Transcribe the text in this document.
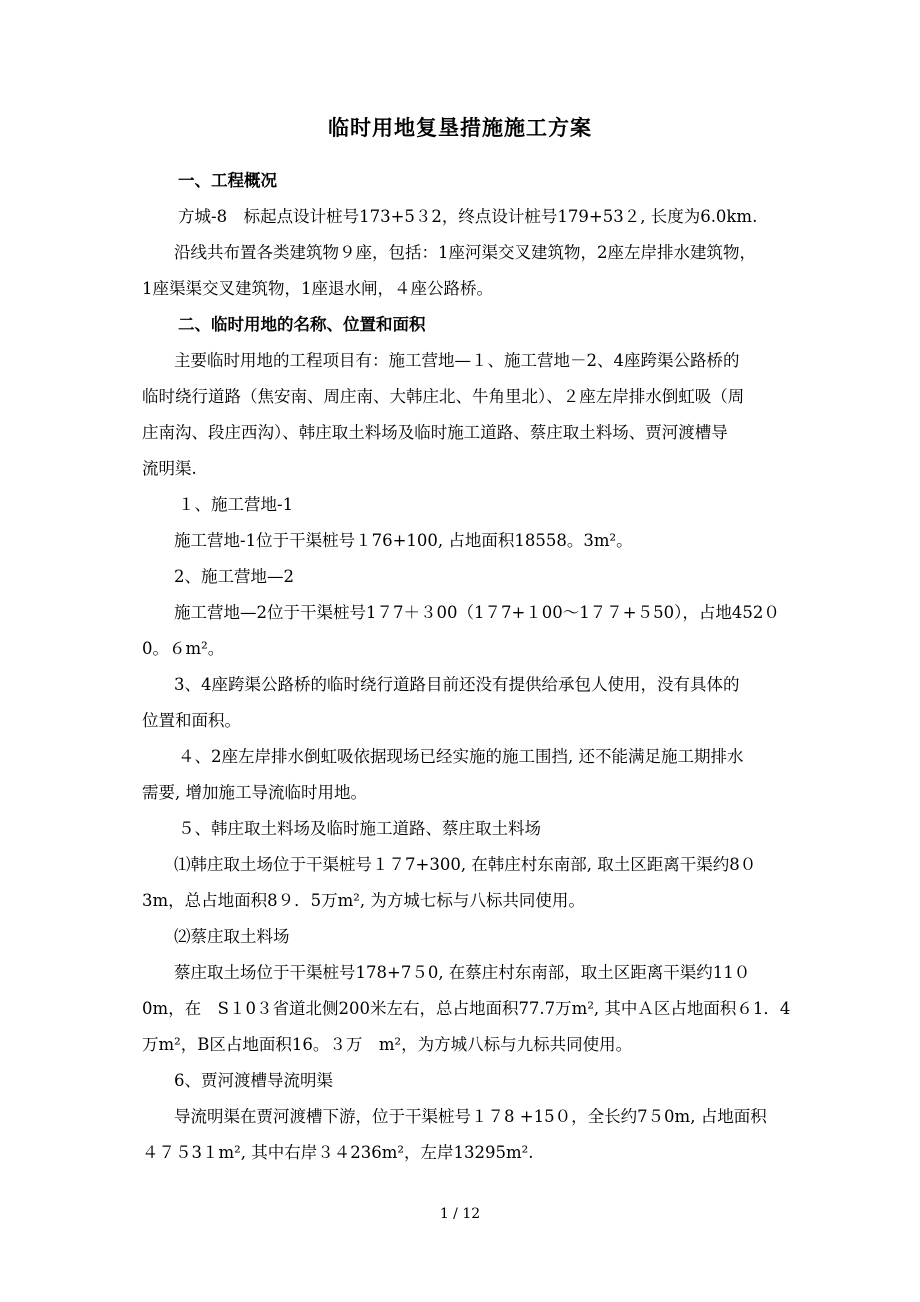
临时用地复垦措施施工方案
一、工程概况
方城-8　标起点设计桩号173+5３2，终点设计桩号179+53２, 长度为6.0km.
沿线共布置各类建筑物９座，包括：1座河渠交叉建筑物，2座左岸排水建筑物，
1座渠渠交叉建筑物，1座退水闸，４座公路桥。
二、临时用地的名称、位置和面积
主要临时用地的工程项目有：施工营地—１、施工营地－2、4座跨渠公路桥的
临时绕行道路（焦安南、周庄南、大韩庄北、牛角里北）、２座左岸排水倒虹吸（周
庄南沟、段庄西沟）、韩庄取土料场及临时施工道路、蔡庄取土料场、贾河渡槽导
流明渠.
１、施工营地-1
施工营地-1位于干渠桩号１76+100, 占地面积18558。3m²。
2、施工营地—2
施工营地—2位于干渠桩号1７7＋３00（1７7+１00～1７７+５50），占地452０
0。６m²。
3、4座跨渠公路桥的临时绕行道路目前还没有提供给承包人使用，没有具体的
位置和面积。
４、2座左岸排水倒虹吸依据现场已经实施的施工围挡, 还不能满足施工期排水
需要, 增加施工导流临时用地。
５、韩庄取土料场及临时施工道路、蔡庄取土料场
⑴韩庄取土场位于干渠桩号１７7+300, 在韩庄村东南部, 取土区距离干渠约8０
3m，总占地面积8９．5万m², 为方城七标与八标共同使用。
⑵蔡庄取土料场
蔡庄取土场位于干渠桩号178+7５0, 在蔡庄村东南部，取土区距离干渠约11０
0m，在　S１0３省道北侧200米左右，总占地面积77.7万m², 其中Ａ区占地面积６1．4
万m²，B区占地面积16。３万　m²，为方城八标与九标共同使用。
6、贾河渡槽导流明渠
导流明渠在贾河渡槽下游，位于干渠桩号１７8 +15０，全长约7５0m, 占地面积
４７５3１m², 其中右岸３４236m²，左岸13295m².
1 / 12
